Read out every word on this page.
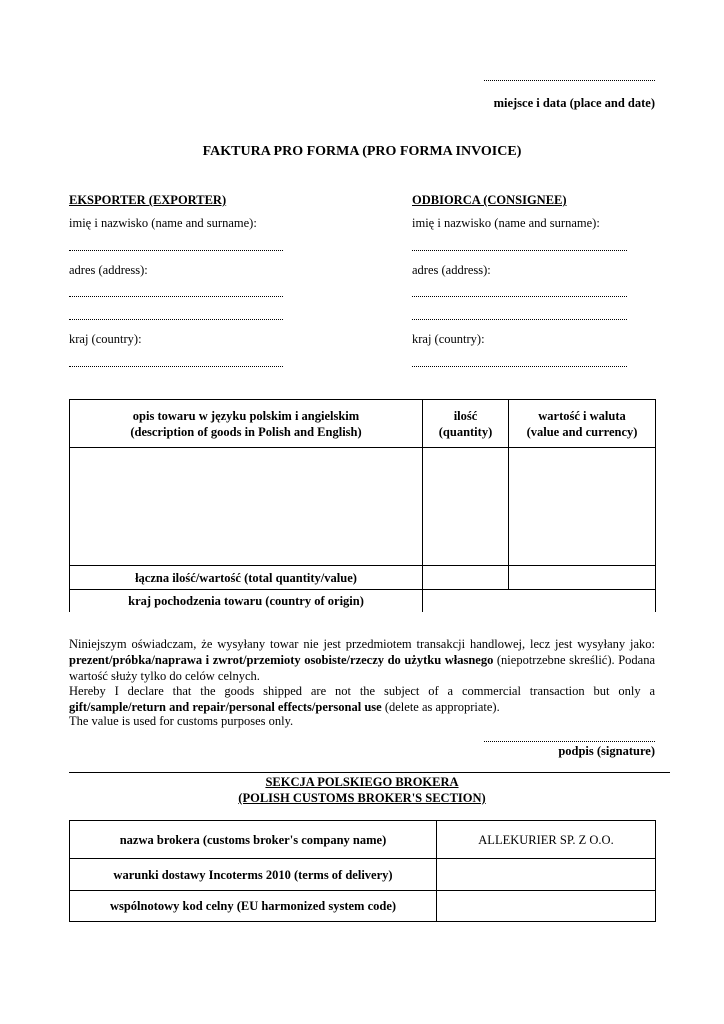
miejsce i data (place and date)
FAKTURA PRO FORMA (PRO FORMA INVOICE)
EKSPORTER (EXPORTER)
imię i nazwisko (name and surname):
adres (address):
kraj (country):
ODBIORCA (CONSIGNEE)
imię i nazwisko (name and surname):
adres (address):
kraj (country):
opis towaru w języku polskim i angielskim
(description of goods in Polish and English)
ilość
(quantity)
wartość i waluta
(value and currency)
łączna ilość/wartość (total quantity/value)
kraj pochodzenia towaru (country of origin)
Niniejszym oświadczam, że wysyłany towar nie jest przedmiotem transakcji handlowej, lecz jest wysyłany jako: prezent/próbka/naprawa i zwrot/przemioty osobiste/rzeczy do użytku własnego (niepotrzebne skreślić). Podana wartość służy tylko do celów celnych.
Hereby I declare that the goods shipped are not the subject of a commercial transaction but only a gift/sample/return and repair/personal effects/personal use (delete as appropriate).
The value is used for customs purposes only.
podpis (signature)
SEKCJA POLSKIEGO BROKERA
(POLISH CUSTOMS BROKER'S SECTION)
nazwa brokera (customs broker's company name)	ALLEKURIER SP. Z O.O.
warunki dostawy Incoterms 2010 (terms of delivery)
wspólnotowy kod celny (EU harmonized system code)
